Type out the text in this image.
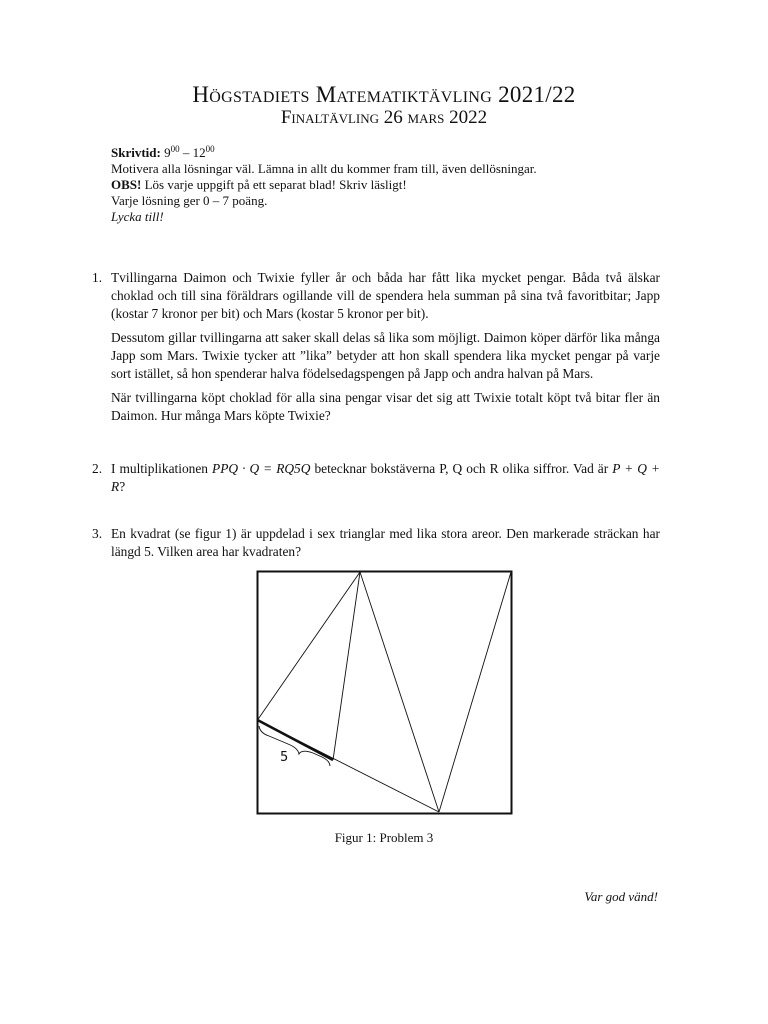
Högstadiets Matematiktävling 2021/22
Finaltävling 26 mars 2022
Skrivtid: $9^{00} - 12^{00}$
Motivera alla lösningar väl. Lämna in allt du kommer fram till, även dellösningar.
OBS! Lös varje uppgift på ett separat blad! Skriv läsligt!
Varje lösning ger 0 – 7 poäng.
Lycka till!
1. Tvillingarna Daimon och Twixie fyller år och båda har fått lika mycket pengar. Båda två älskar choklad och till sina föräldrars ogillande vill de spendera hela summan på sina två favoritbitar; Japp (kostar 7 kronor per bit) och Mars (kostar 5 kronor per bit).

Dessutom gillar tvillingarna att saker skall delas så lika som möjligt. Daimon köper därför lika många Japp som Mars. Twixie tycker att ”lika” betyder att hon skall spendera lika mycket pengar på varje sort istället, så hon spenderar halva födelsedagspengen på Japp och andra halvan på Mars.

När tvillingarna köpt choklad för alla sina pengar visar det sig att Twixie totalt köpt två bitar fler än Daimon. Hur många Mars köpte Twixie?

2. I multiplikationen PPQ · Q = RQ5Q betecknar bokstäverna P, Q och R olika siffror. Vad är P + Q + R?

3. En kvadrat (se figur 1) är uppdelad i sex trianglar med lika stora areor. Den markerade sträckan har längd 5. Vilken area har kvadraten?

5
Figur 1: Problem 3
Var god vänd!
